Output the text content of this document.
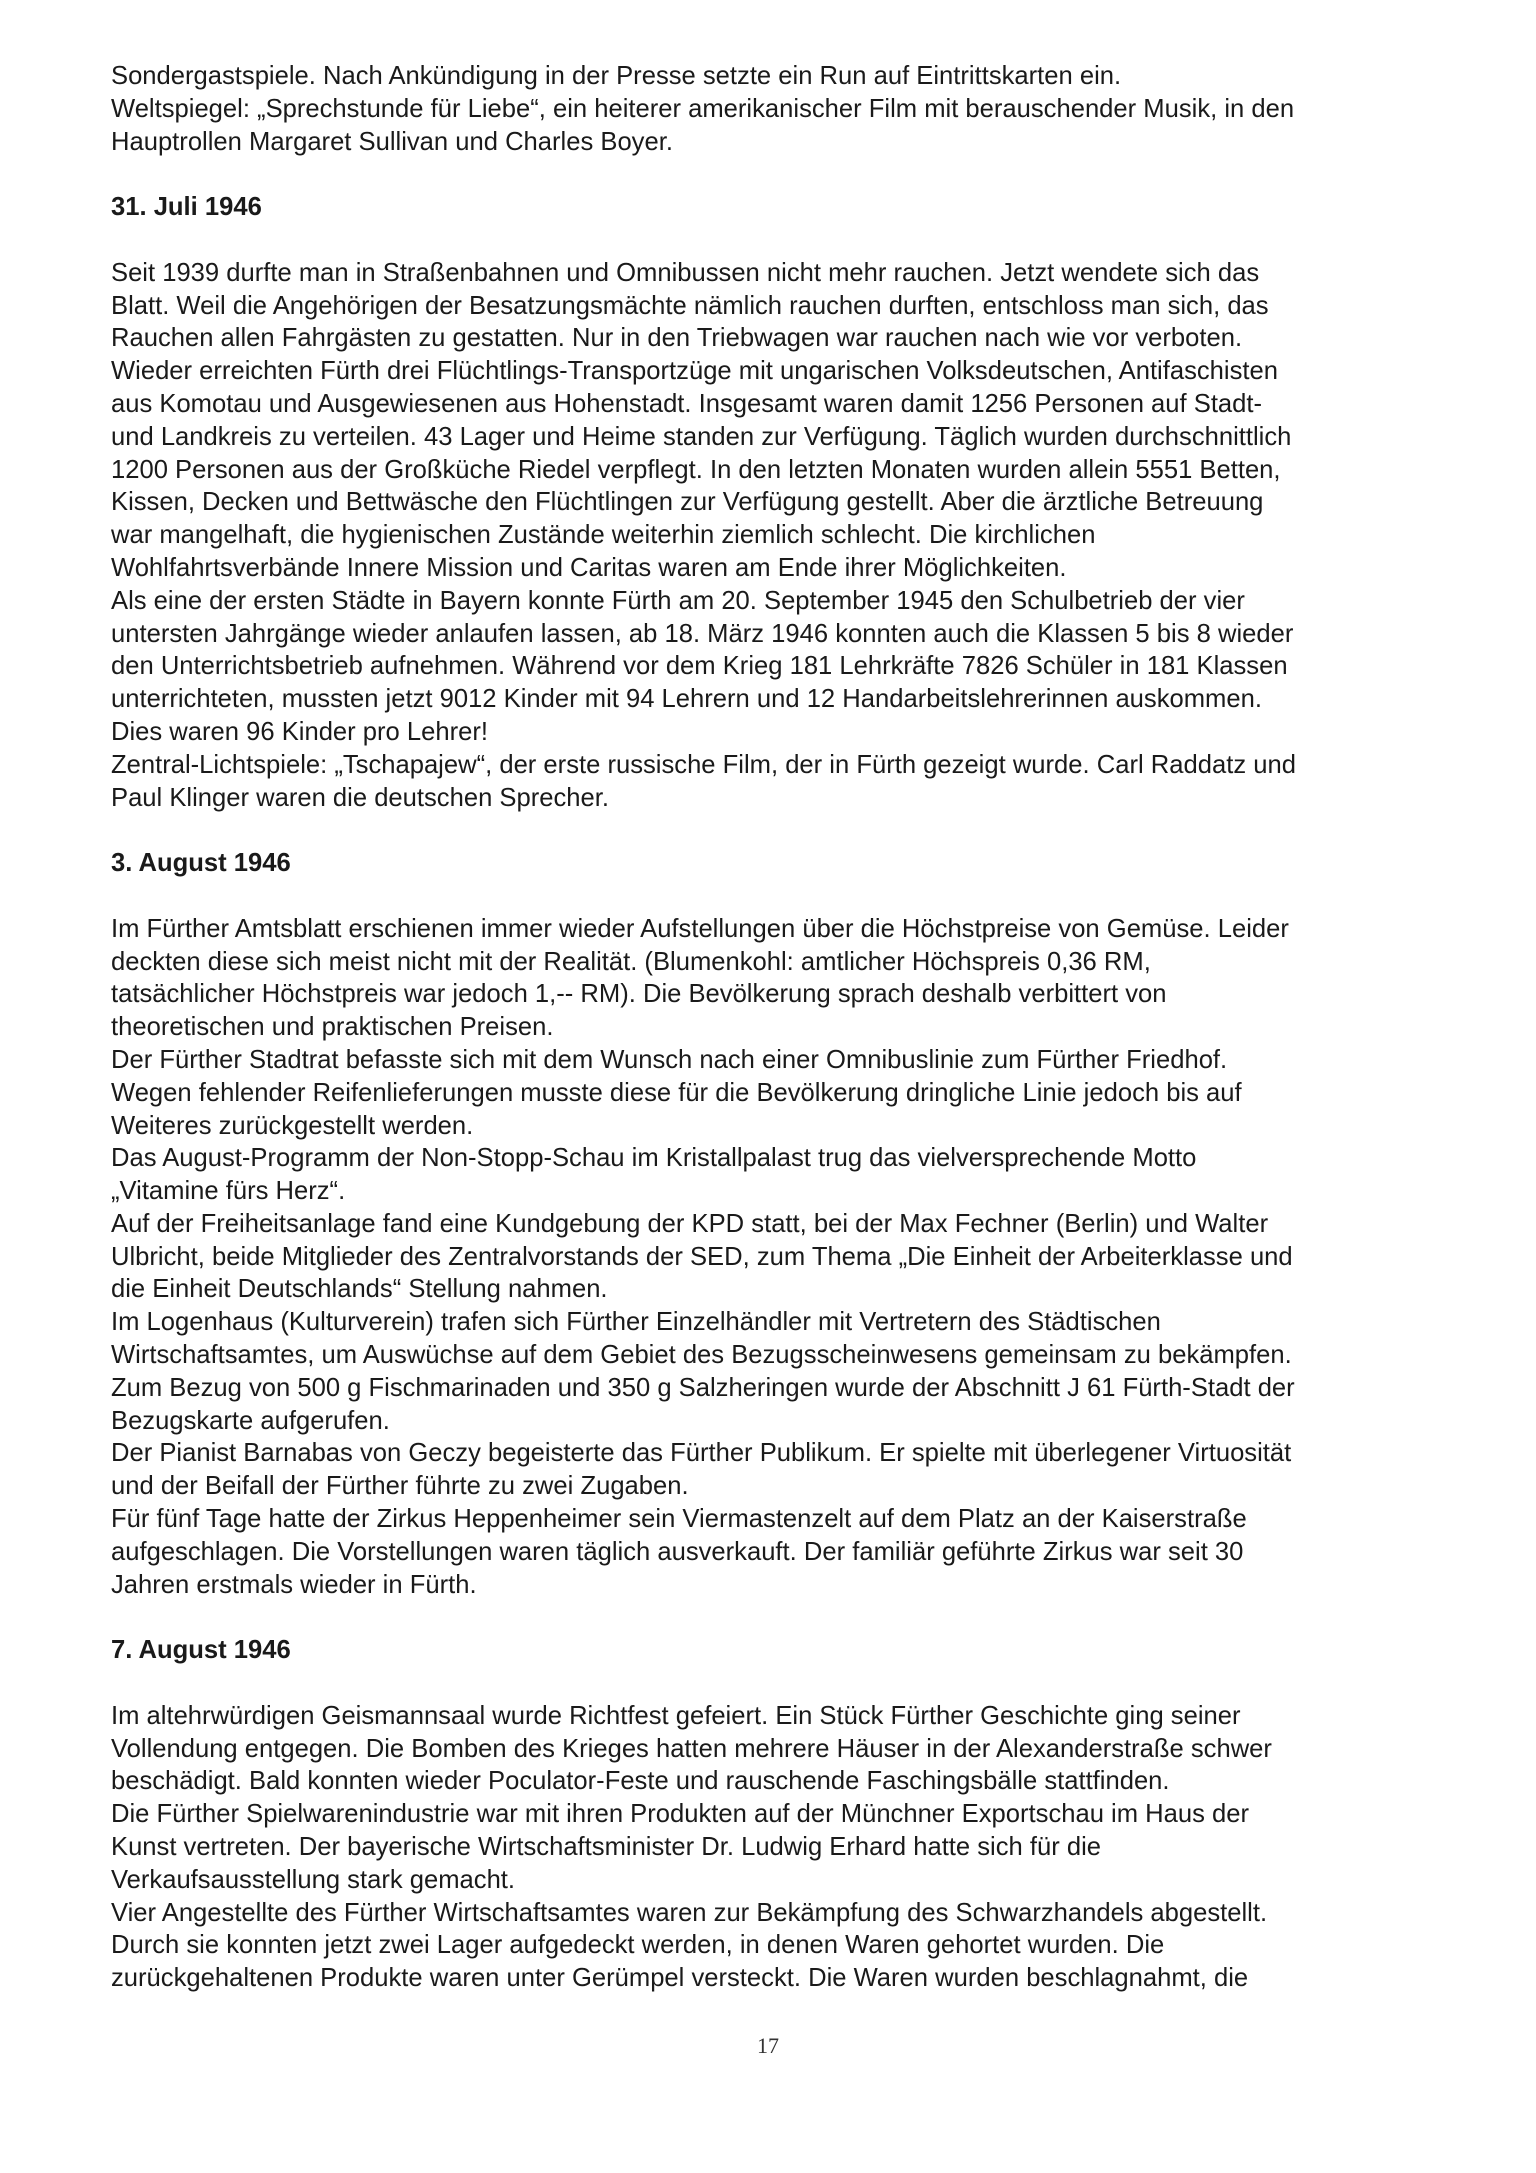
Sondergastspiele. Nach Ankündigung in der Presse setzte ein Run auf Eintrittskarten ein.

Weltspiegel: „Sprechstunde für Liebe“, ein heiterer amerikanischer Film mit berauschender Musik, in den
Hauptrollen Margaret Sullivan und Charles Boyer.

31. Juli 1946

Seit 1939 durfte man in Straßenbahnen und Omnibussen nicht mehr rauchen. Jetzt wendete sich das
Blatt. Weil die Angehörigen der Besatzungsmächte nämlich rauchen durften, entschloss man sich, das
Rauchen allen Fahrgästen zu gestatten. Nur in den Triebwagen war rauchen nach wie vor verboten.

Wieder erreichten Fürth drei Flüchtlings-Transportzüge mit ungarischen Volksdeutschen, Antifaschisten
aus Komotau und Ausgewiesenen aus Hohenstadt. Insgesamt waren damit 1256 Personen auf Stadt-
und Landkreis zu verteilen. 43 Lager und Heime standen zur Verfügung. Täglich wurden durchschnittlich
1200 Personen aus der Großküche Riedel verpflegt. In den letzten Monaten wurden allein 5551 Betten,
Kissen, Decken und Bettwäsche den Flüchtlingen zur Verfügung gestellt. Aber die ärztliche Betreuung
war mangelhaft, die hygienischen Zustände weiterhin ziemlich schlecht. Die kirchlichen
Wohlfahrtsverbände Innere Mission und Caritas waren am Ende ihrer Möglichkeiten.

Als eine der ersten Städte in Bayern konnte Fürth am 20. September 1945 den Schulbetrieb der vier
untersten Jahrgänge wieder anlaufen lassen, ab 18. März 1946 konnten auch die Klassen 5 bis 8 wieder
den Unterrichtsbetrieb aufnehmen. Während vor dem Krieg 181 Lehrkräfte 7826 Schüler in 181 Klassen
unterrichteten, mussten jetzt 9012 Kinder mit 94 Lehrern und 12 Handarbeitslehrerinnen auskommen.
Dies waren 96 Kinder pro Lehrer!

Zentral-Lichtspiele: „Tschapajew“, der erste russische Film, der in Fürth gezeigt wurde. Carl Raddatz und
Paul Klinger waren die deutschen Sprecher.

3. August 1946

Im Fürther Amtsblatt erschienen immer wieder Aufstellungen über die Höchstpreise von Gemüse. Leider
deckten diese sich meist nicht mit der Realität. (Blumenkohl: amtlicher Höchspreis 0,36 RM,
tatsächlicher Höchstpreis war jedoch 1,-- RM). Die Bevölkerung sprach deshalb verbittert von
theoretischen und praktischen Preisen.

Der Fürther Stadtrat befasste sich mit dem Wunsch nach einer Omnibuslinie zum Fürther Friedhof.
Wegen fehlender Reifenlieferungen musste diese für die Bevölkerung dringliche Linie jedoch bis auf
Weiteres zurückgestellt werden.

Das August-Programm der Non-Stopp-Schau im Kristallpalast trug das vielversprechende Motto
„Vitamine fürs Herz“.

Auf der Freiheitsanlage fand eine Kundgebung der KPD statt, bei der Max Fechner (Berlin) und Walter
Ulbricht, beide Mitglieder des Zentralvorstands der SED, zum Thema „Die Einheit der Arbeiterklasse und
die Einheit Deutschlands“ Stellung nahmen.

Im Logenhaus (Kulturverein) trafen sich Fürther Einzelhändler mit Vertretern des Städtischen
Wirtschaftsamtes, um Auswüchse auf dem Gebiet des Bezugsscheinwesens gemeinsam zu bekämpfen.

Zum Bezug von 500 g Fischmarinaden und 350 g Salzheringen wurde der Abschnitt J 61 Fürth-Stadt der
Bezugskarte aufgerufen.

Der Pianist Barnabas von Geczy begeisterte das Fürther Publikum. Er spielte mit überlegener Virtuosität
und der Beifall der Fürther führte zu zwei Zugaben.

Für fünf Tage hatte der Zirkus Heppenheimer sein Viermastenzelt auf dem Platz an der Kaiserstraße
aufgeschlagen. Die Vorstellungen waren täglich ausverkauft. Der familiär geführte Zirkus war seit 30
Jahren erstmals wieder in Fürth.

7. August 1946

Im altehrwürdigen Geismannsaal wurde Richtfest gefeiert. Ein Stück Fürther Geschichte ging seiner
Vollendung entgegen. Die Bomben des Krieges hatten mehrere Häuser in der Alexanderstraße schwer
beschädigt. Bald konnten wieder Poculator-Feste und rauschende Faschingsbälle stattfinden.

Die Fürther Spielwarenindustrie war mit ihren Produkten auf der Münchner Exportschau im Haus der
Kunst vertreten. Der bayerische Wirtschaftsminister Dr. Ludwig Erhard hatte sich für die
Verkaufsausstellung stark gemacht.

Vier Angestellte des Fürther Wirtschaftsamtes waren zur Bekämpfung des Schwarzhandels abgestellt.
Durch sie konnten jetzt zwei Lager aufgedeckt werden, in denen Waren gehortet wurden. Die
zurückgehaltenen Produkte waren unter Gerümpel versteckt. Die Waren wurden beschlagnahmt, die

17
